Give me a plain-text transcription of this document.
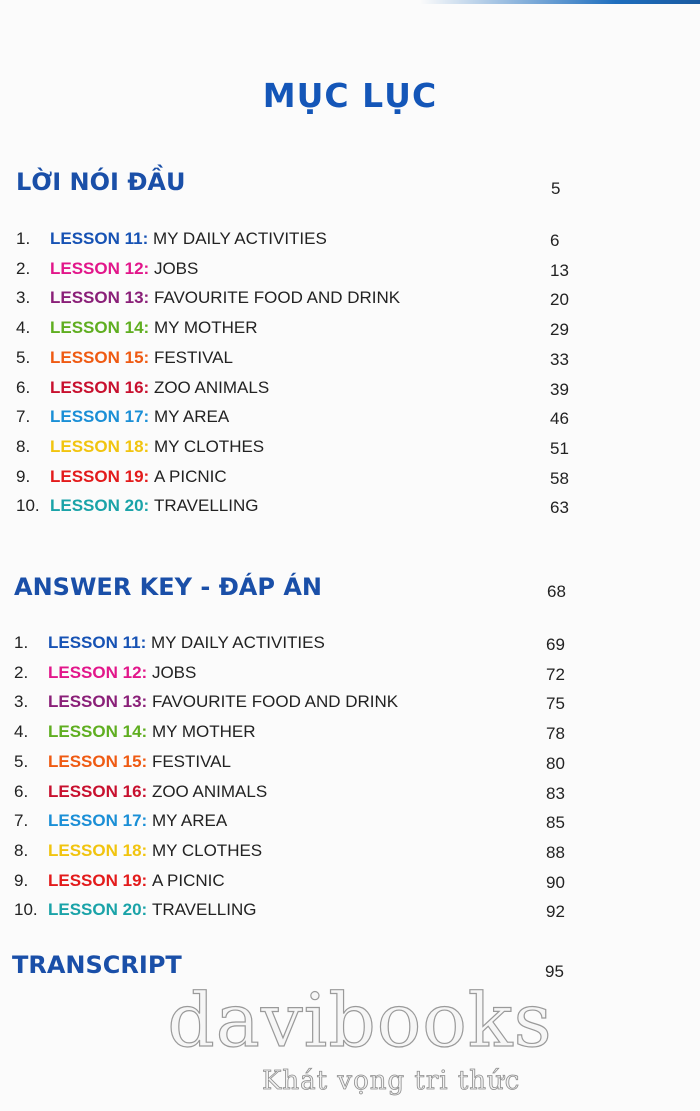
MỤC LỤC
LỜI NÓI ĐẦU	5
1. LESSON 11: MY DAILY ACTIVITIES	6
2. LESSON 12: JOBS	13
3. LESSON 13: FAVOURITE FOOD AND DRINK	20
4. LESSON 14: MY MOTHER	29
5. LESSON 15: FESTIVAL	33
6. LESSON 16: ZOO ANIMALS	39
7. LESSON 17: MY AREA	46
8. LESSON 18: MY CLOTHES	51
9. LESSON 19: A PICNIC	58
10. LESSON 20: TRAVELLING	63
ANSWER KEY - ĐÁP ÁN	68
1. LESSON 11: MY DAILY ACTIVITIES	69
2. LESSON 12: JOBS	72
3. LESSON 13: FAVOURITE FOOD AND DRINK	75
4. LESSON 14: MY MOTHER	78
5. LESSON 15: FESTIVAL	80
6. LESSON 16: ZOO ANIMALS	83
7. LESSON 17: MY AREA	85
8. LESSON 18: MY CLOTHES	88
9. LESSON 19: A PICNIC	90
10. LESSON 20: TRAVELLING	92
TRANSCRIPT	95
davibooks
Khát vọng tri thức
